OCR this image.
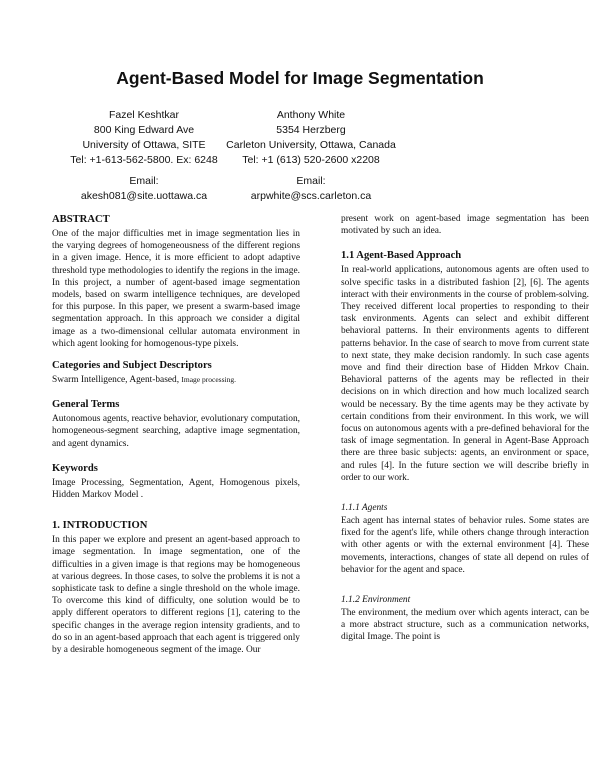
Agent-Based Model for Image Segmentation
Fazel Keshtkar
800 King Edward Ave
University of Ottawa, SITE
Tel: +1-613-562-5800. Ex: 6248
Email:
akesh081@site.uottawa.ca
Anthony White
5354 Herzberg
Carleton University, Ottawa, Canada
Tel: +1 (613) 520-2600 x2208
Email:
arpwhite@scs.carleton.ca
ABSTRACT

One of the major difficulties met in image segmentation lies in the varying degrees of homogeneousness of the different regions in a given image. Hence, it is more efficient to adopt adaptive threshold type methodologies to identify the regions in the image. In this project, a number of agent-based image segmentation models, based on swarm intelligence techniques, are developed for this purpose. In this paper, we present a swarm-based image segmentation approach. In this approach we consider a digital image as a two-dimensional cellular automata environment in which agent looking for homogenous-type pixels.

Categories and Subject Descriptors

Swarm Intelligence, Agent-based, Image processing.

General Terms

Autonomous agents, reactive behavior, evolutionary computation, homogeneous-segment searching, adaptive image segmentation, and agent dynamics.

Keywords

Image Processing, Segmentation, Agent, Homogenous pixels, Hidden Markov Model .

1. INTRODUCTION

In this paper we explore and present an agent-based approach to image segmentation. In image segmentation, one of the difficulties in a given image is that regions may be homogeneous at various degrees. In those cases, to solve the problems it is not a sophisticate task to define a single threshold on the whole image. To overcome this kind of difficulty, one solution would be to apply different operators to different regions [1], catering to the specific changes in the average region intensity gradients, and to do so in an agent-based approach that each agent is triggered only by a desirable homogeneous segment of the image. Our

present work on agent-based image segmentation has been motivated by such an idea.

1.1 Agent-Based Approach

In real-world applications, autonomous agents are often used to solve specific tasks in a distributed fashion [2], [6]. The agents interact with their environments in the course of problem-solving. They received different local properties to responding to their task environments. Agents can select and exhibit different behavioral patterns. In their environments agents to different patterns behavior. In the case of search to move from current state to next state, they make decision randomly. In such case agents move and find their direction base of Hidden Mrkov Chain. Behavioral patterns of the agents may be reflected in their decisions on in which direction and how much localized search would be necessary. By the time agents may be they activate by certain conditions from their environment. In this work, we will focus on autonomous agents with a pre-defined behavioral for the task of image segmentation. In general in Agent-Base Approach there are three basic subjects: agents, an environment or space, and rules [4]. In the future section we will describe briefly in order to our work.

1.1.1 Agents

Each agent has internal states of behavior rules. Some states are fixed for the agent's life, while others change through interaction with other agents or with the external environment [4]. These movements, interactions, changes of state all depend on rules of behavior for the agent and space.

1.1.2 Environment

The environment, the medium over which agents interact, can be a more abstract structure, such as a communication networks, digital Image. The point is
